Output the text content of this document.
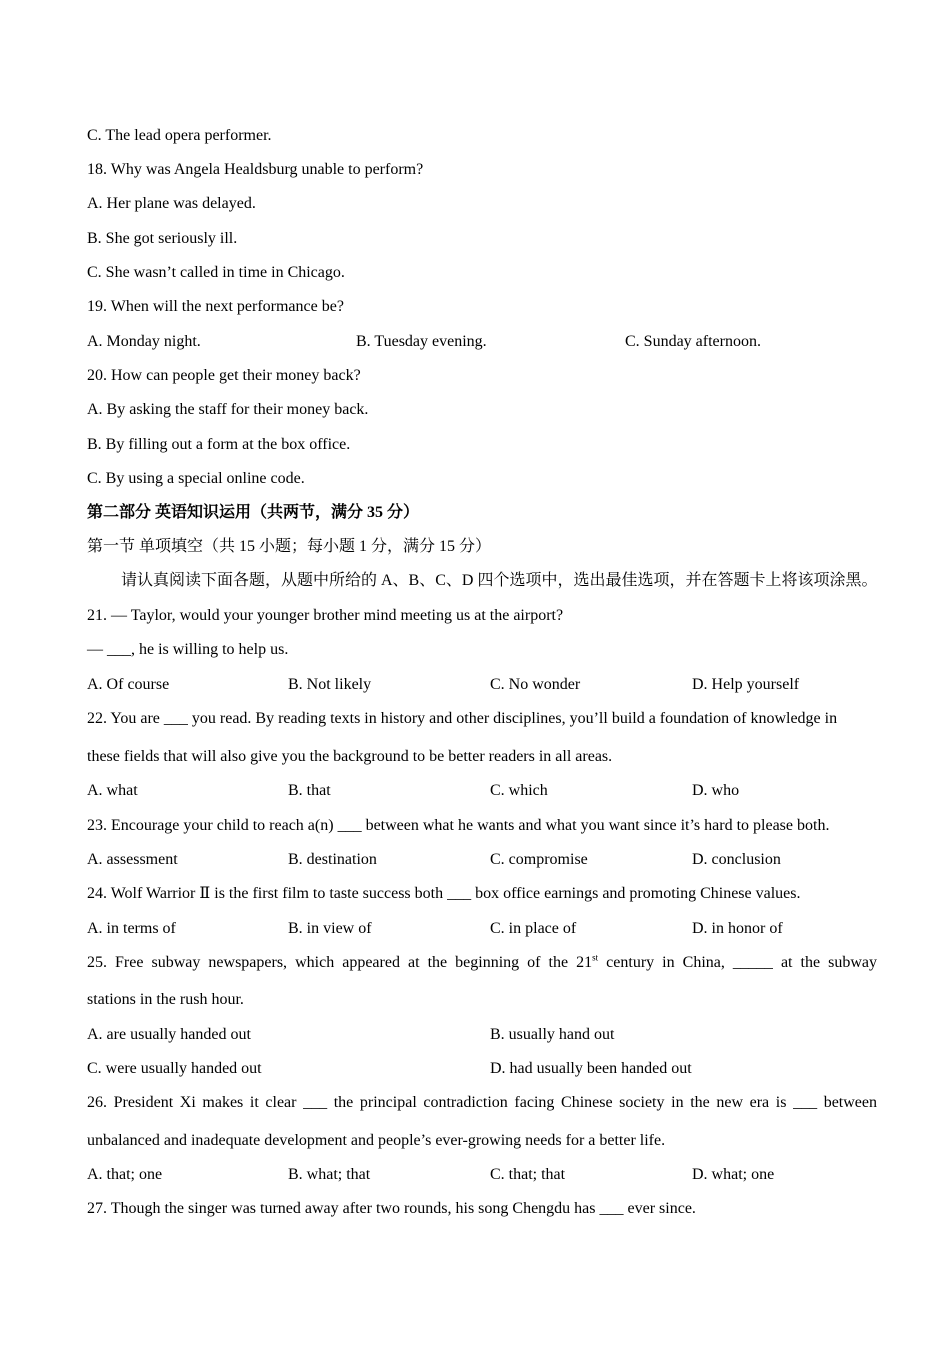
C. The lead opera performer.
18. Why was Angela Healdsburg unable to perform?
A. Her plane was delayed.
B. She got seriously ill.
C. She wasn’t called in time in Chicago.
19. When will the next performance be?
A. Monday night.	B. Tuesday evening.	C. Sunday afternoon.
20. How can people get their money back?
A. By asking the staff for their money back.
B. By filling out a form at the box office.
C. By using a special online code.
第二部分 英语知识运用（共两节，满分 35 分）
第一节 单项填空（共 15 小题；每小题 1 分，满分 15 分）
请认真阅读下面各题，从题中所给的 A、B、C、D 四个选项中，选出最佳选项，并在答题卡上将该项涂黑。
21. — Taylor, would your younger brother mind meeting us at the airport?
— ___, he is willing to help us.
A. Of course	B. Not likely	C. No wonder	D. Help yourself
22. You are ___ you read. By reading texts in history and other disciplines, you’ll build a foundation of knowledge in
these fields that will also give you the background to be better readers in all areas.
A. what	B. that	C. which	D. who
23. Encourage your child to reach a(n) ___ between what he wants and what you want since it’s hard to please both.
A. assessment	B. destination	C. compromise	D. conclusion
24. Wolf Warrior Ⅱ is the first film to taste success both ___ box office earnings and promoting Chinese values.
A. in terms of	B. in view of	C. in place of	D. in honor of
25. Free subway newspapers, which appeared at the beginning of the 21st century in China, _____ at the subway
stations in the rush hour.
A. are usually handed out	B. usually hand out
C. were usually handed out	D. had usually been handed out
26. President Xi makes it clear ___ the principal contradiction facing Chinese society in the new era is ___ between
unbalanced and inadequate development and people’s ever-growing needs for a better life.
A. that; one	B. what; that	C. that; that	D. what; one
27. Though the singer was turned away after two rounds, his song Chengdu has ___ ever since.
